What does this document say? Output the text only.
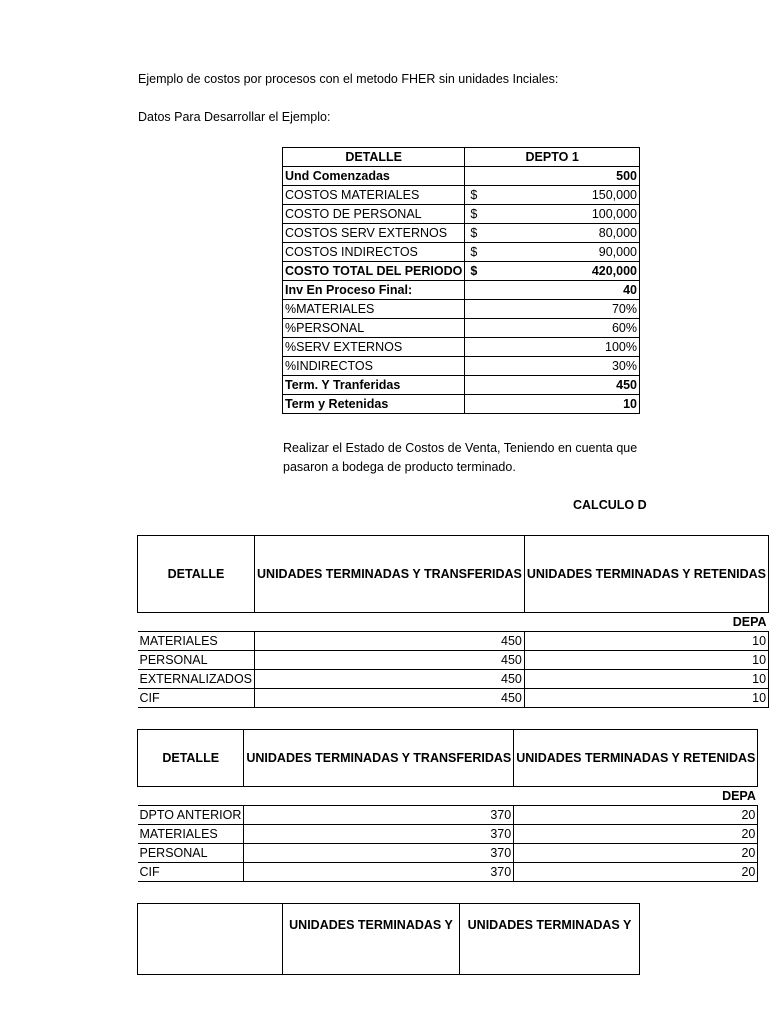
Ejemplo de costos por procesos con el metodo FHER sin unidades Inciales:
Datos Para Desarrollar el Ejemplo:
DETALLE	DEPTO 1
Und Comenzadas	500
COSTOS MATERIALES	$ 150,000
COSTO DE PERSONAL	$ 100,000
COSTOS SERV EXTERNOS	$ 80,000
COSTOS INDIRECTOS	$ 90,000
COSTO TOTAL DEL PERIODO	$ 420,000
Inv En Proceso Final:	40
%MATERIALES	70%
%PERSONAL	60%
%SERV EXTERNOS	100%
%INDIRECTOS	30%
Term. Y Tranferidas	450
Term y Retenidas	10
Realizar el Estado de Costos de Venta, Teniendo en cuenta que
pasaron a bodega de producto terminado.
CALCULO D
DETALLE	UNIDADES TERMINADAS Y TRANSFERIDAS	UNIDADES TERMINADAS Y RETENIDAS
		DEPA
MATERIALES	450	10
PERSONAL	450	10
EXTERNALIZADOS	450	10
CIF	450	10
DETALLE	UNIDADES TERMINADAS Y TRANSFERIDAS	UNIDADES TERMINADAS Y RETENIDAS
		DEPA
DPTO ANTERIOR	370	20
MATERIALES	370	20
PERSONAL	370	20
CIF	370	20
	UNIDADES TERMINADAS Y	UNIDADES TERMINADAS Y
